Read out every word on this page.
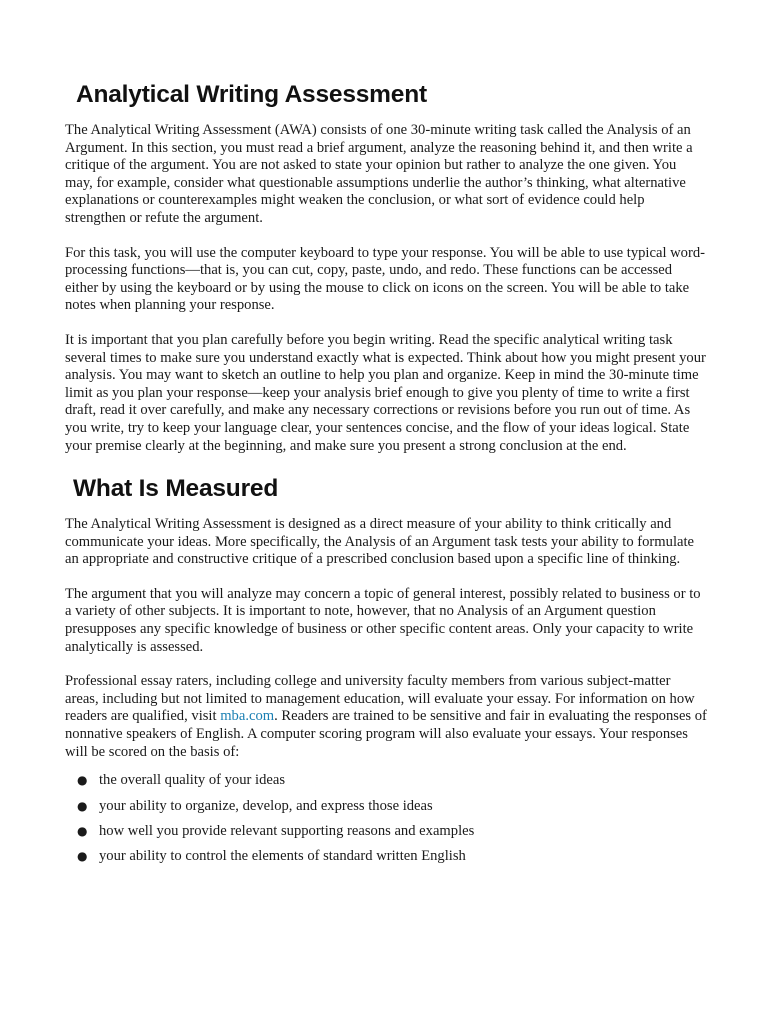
Analytical Writing Assessment

The Analytical Writing Assessment (AWA) consists of one 30-minute writing task called the Analysis of an Argument. In this section, you must read a brief argument, analyze the reasoning behind it, and then write a critique of the argument. You are not asked to state your opinion but rather to analyze the one given. You may, for example, consider what questionable assumptions underlie the author’s thinking, what alternative explanations or counterexamples might weaken the conclusion, or what sort of evidence could help strengthen or refute the argument.

For this task, you will use the computer keyboard to type your response. You will be able to use typical word-processing functions—that is, you can cut, copy, paste, undo, and redo. These functions can be accessed either by using the keyboard or by using the mouse to click on icons on the screen. You will be able to take notes when planning your response.

It is important that you plan carefully before you begin writing. Read the specific analytical writing task several times to make sure you understand exactly what is expected. Think about how you might present your analysis. You may want to sketch an outline to help you plan and organize. Keep in mind the 30-minute time limit as you plan your response—keep your analysis brief enough to give you plenty of time to write a first draft, read it over carefully, and make any necessary corrections or revisions before you run out of time. As you write, try to keep your language clear, your sentences concise, and the flow of your ideas logical. State your premise clearly at the beginning, and make sure you present a strong conclusion at the end.

What Is Measured

The Analytical Writing Assessment is designed as a direct measure of your ability to think critically and communicate your ideas. More specifically, the Analysis of an Argument task tests your ability to formulate an appropriate and constructive critique of a prescribed conclusion based upon a specific line of thinking.

The argument that you will analyze may concern a topic of general interest, possibly related to business or to a variety of other subjects. It is important to note, however, that no Analysis of an Argument question presupposes any specific knowledge of business or other specific content areas. Only your capacity to write analytically is assessed.

Professional essay raters, including college and university faculty members from various subject-matter areas, including but not limited to management education, will evaluate your essay. For information on how readers are qualified, visit mba.com. Readers are trained to be sensitive and fair in evaluating the responses of nonnative speakers of English. A computer scoring program will also evaluate your essays. Your responses will be scored on the basis of:

● the overall quality of your ideas
● your ability to organize, develop, and express those ideas
● how well you provide relevant supporting reasons and examples
● your ability to control the elements of standard written English
